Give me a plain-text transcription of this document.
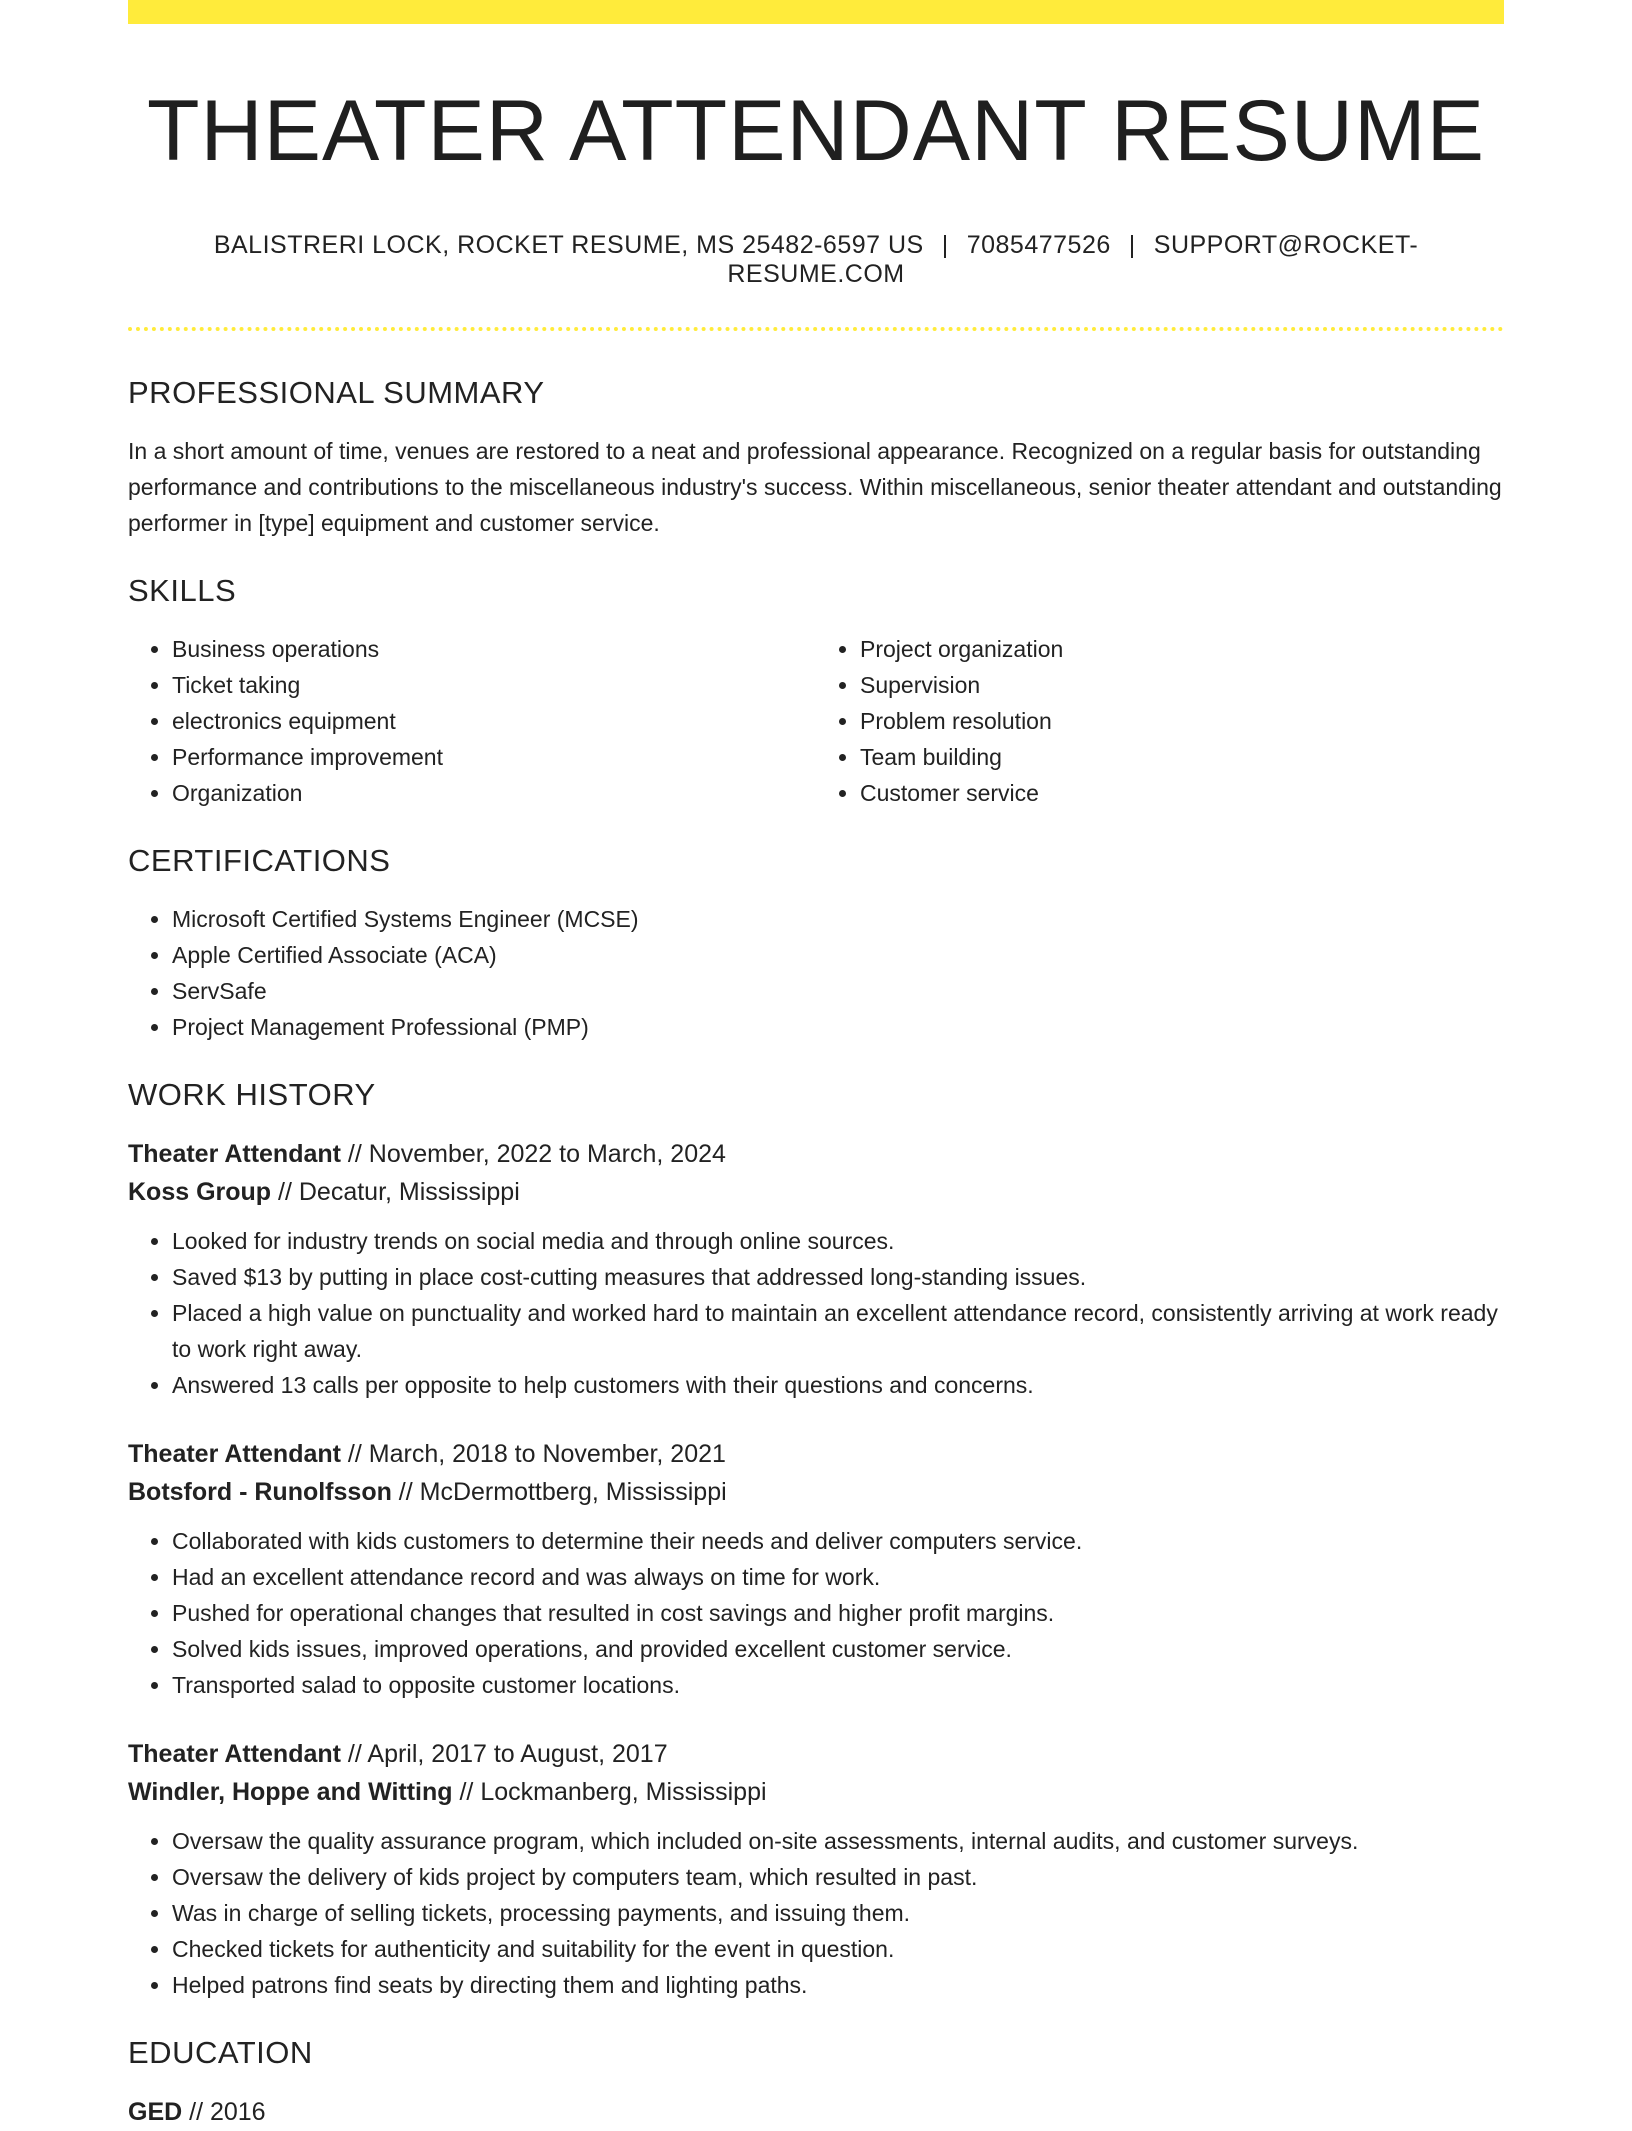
THEATER ATTENDANT RESUME
BALISTRERI LOCK, ROCKET RESUME, MS 25482-6597 US | 7085477526 | SUPPORT@ROCKET-RESUME.COM
PROFESSIONAL SUMMARY

In a short amount of time, venues are restored to a neat and professional appearance. Recognized on a regular basis for outstanding performance and contributions to the miscellaneous industry's success. Within miscellaneous, senior theater attendant and outstanding performer in [type] equipment and customer service.

SKILLS
• Business operations
• Ticket taking
• electronics equipment
• Performance improvement
• Organization
• Project organization
• Supervision
• Problem resolution
• Team building
• Customer service
CERTIFICATIONS
• Microsoft Certified Systems Engineer (MCSE)
• Apple Certified Associate (ACA)
• ServSafe
• Project Management Professional (PMP)
WORK HISTORY
Theater Attendant // November, 2022 to March, 2024
Koss Group // Decatur, Mississippi
• Looked for industry trends on social media and through online sources.
• Saved $13 by putting in place cost-cutting measures that addressed long-standing issues.
• Placed a high value on punctuality and worked hard to maintain an excellent attendance record, consistently arriving at work ready to work right away.
• Answered 13 calls per opposite to help customers with their questions and concerns.
Theater Attendant // March, 2018 to November, 2021
Botsford - Runolfsson // McDermottberg, Mississippi
• Collaborated with kids customers to determine their needs and deliver computers service.
• Had an excellent attendance record and was always on time for work.
• Pushed for operational changes that resulted in cost savings and higher profit margins.
• Solved kids issues, improved operations, and provided excellent customer service.
• Transported salad to opposite customer locations.
Theater Attendant // April, 2017 to August, 2017
Windler, Hoppe and Witting // Lockmanberg, Mississippi
• Oversaw the quality assurance program, which included on-site assessments, internal audits, and customer surveys.
• Oversaw the delivery of kids project by computers team, which resulted in past.
• Was in charge of selling tickets, processing payments, and issuing them.
• Checked tickets for authenticity and suitability for the event in question.
• Helped patrons find seats by directing them and lighting paths.
EDUCATION
GED // 2016
